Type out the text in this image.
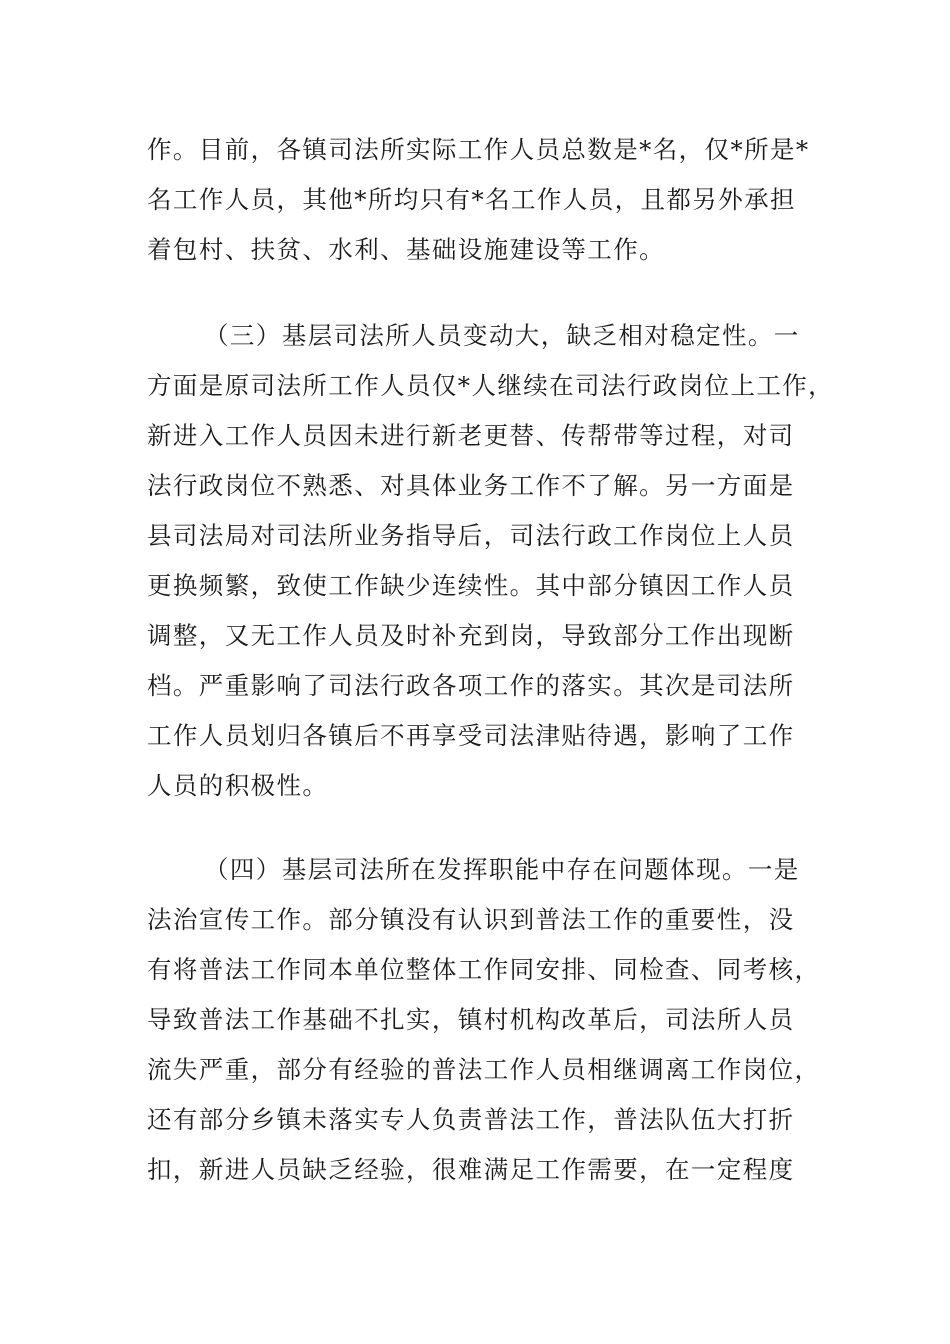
作。目前，各镇司法所实际工作人员总数是*名，仅*所是*
名工作人员，其他*所均只有*名工作人员，且都另外承担
着包村、扶贫、水利、基础设施建设等工作。
（三）基层司法所人员变动大，缺乏相对稳定性。一
方面是原司法所工作人员仅*人继续在司法行政岗位上工作，
新进入工作人员因未进行新老更替、传帮带等过程，对司
法行政岗位不熟悉、对具体业务工作不了解。另一方面是
县司法局对司法所业务指导后，司法行政工作岗位上人员
更换频繁，致使工作缺少连续性。其中部分镇因工作人员
调整，又无工作人员及时补充到岗，导致部分工作出现断
档。严重影响了司法行政各项工作的落实。其次是司法所
工作人员划归各镇后不再享受司法津贴待遇，影响了工作
人员的积极性。
（四）基层司法所在发挥职能中存在问题体现。一是
法治宣传工作。部分镇没有认识到普法工作的重要性，没
有将普法工作同本单位整体工作同安排、同检查、同考核，
导致普法工作基础不扎实，镇村机构改革后，司法所人员
流失严重，部分有经验的普法工作人员相继调离工作岗位，
还有部分乡镇未落实专人负责普法工作，普法队伍大打折
扣，新进人员缺乏经验，很难满足工作需要，在一定程度
